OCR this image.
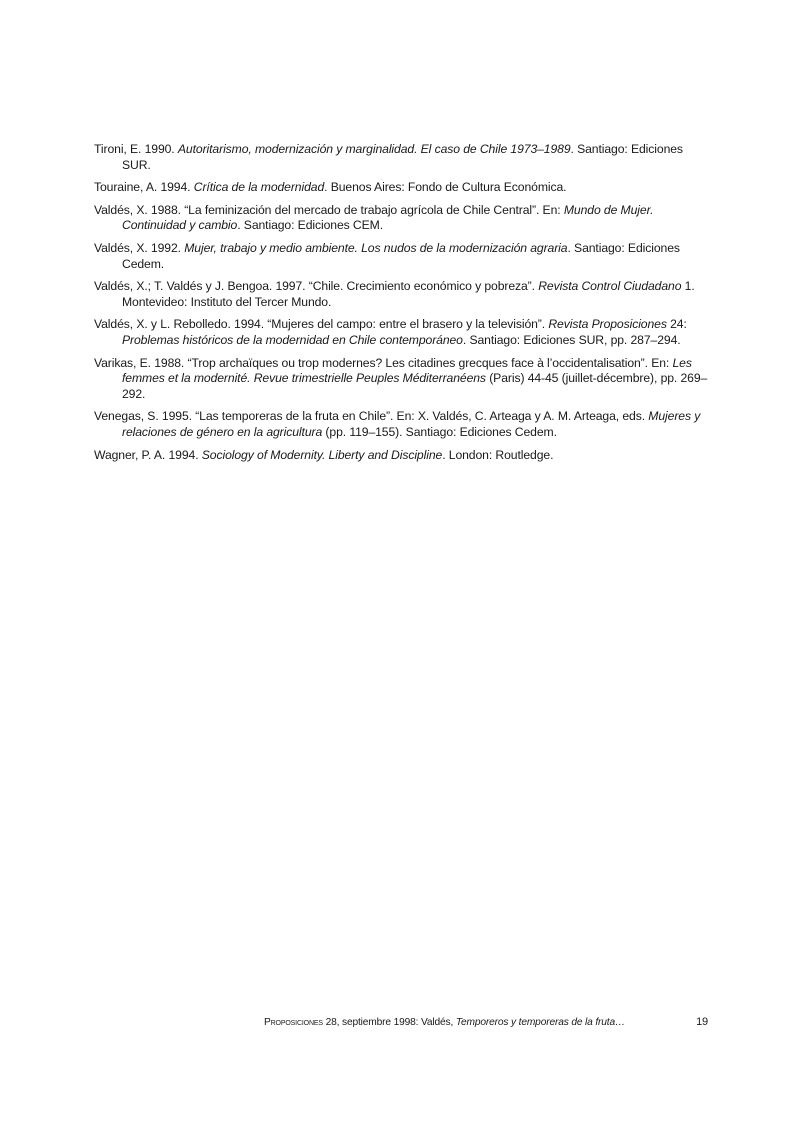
Tironi, E. 1990. Autoritarismo, modernización y marginalidad. El caso de Chile 1973–1989. Santiago: Ediciones SUR.

Touraine, A. 1994. Crítica de la modernidad. Buenos Aires: Fondo de Cultura Económica.

Valdés, X. 1988. “La feminización del mercado de trabajo agrícola de Chile Central”. En: Mundo de Mujer. Continuidad y cambio. Santiago: Ediciones CEM.

Valdés, X. 1992. Mujer, trabajo y medio ambiente. Los nudos de la modernización agraria. Santiago: Ediciones Cedem.

Valdés, X.; T. Valdés y J. Bengoa. 1997. “Chile. Crecimiento económico y pobreza”. Revista Control Ciudadano 1. Montevideo: Instituto del Tercer Mundo.

Valdés, X. y L. Rebolledo. 1994. “Mujeres del campo: entre el brasero y la televisión”. Revista Proposiciones 24: Problemas históricos de la modernidad en Chile contemporáneo. Santiago: Ediciones SUR, pp. 287–294.

Varikas, E. 1988. “Trop archaïques ou trop modernes? Les citadines grecques face à l’occidentalisation”. En: Les femmes et la modernité. Revue trimestrielle Peuples Méditerranéens (Paris) 44-45 (juillet-décembre), pp. 269–292.

Venegas, S. 1995. “Las temporeras de la fruta en Chile”. En: X. Valdés, C. Arteaga y A. M. Arteaga, eds. Mujeres y relaciones de género en la agricultura (pp. 119–155). Santiago: Ediciones Cedem.

Wagner, P. A. 1994. Sociology of Modernity. Liberty and Discipline. London: Routledge.

Proposiciones 28, septiembre 1998: Valdés, Temporeros y temporeras de la fruta…	19
